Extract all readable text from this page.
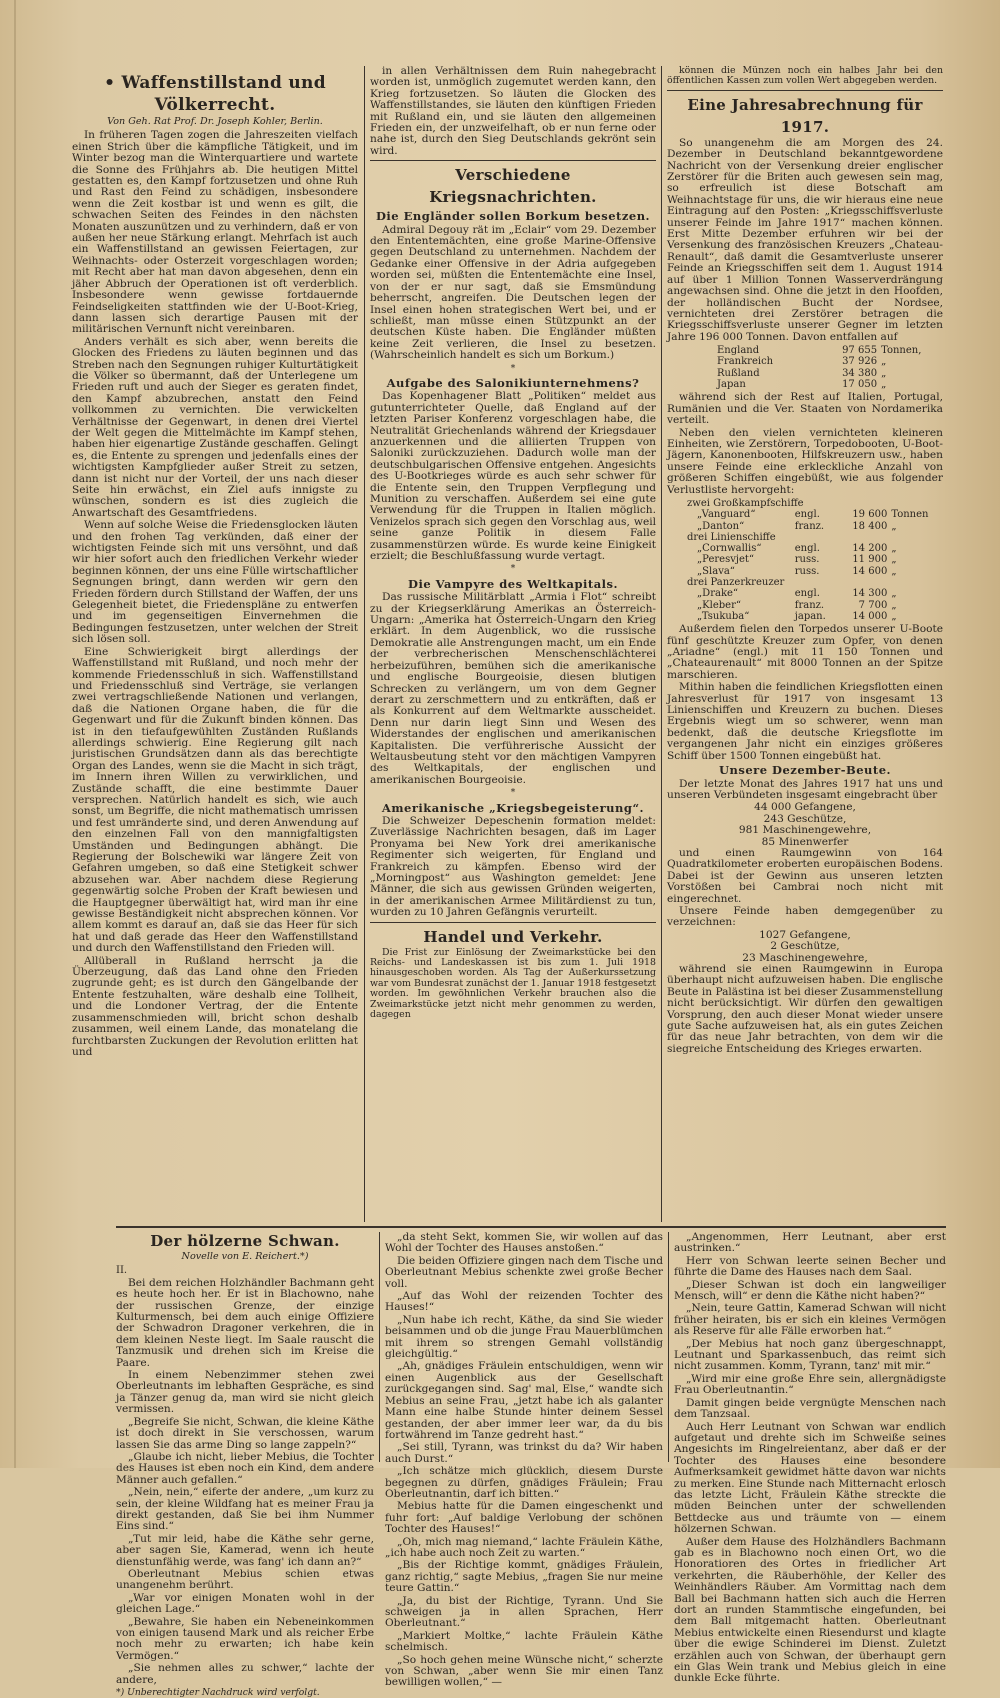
• Waffenstillstand und Völkerrecht.
Von Geh. Rat Prof. Dr. Joseph Kohler, Berlin.

In früheren Tagen zogen die Jahreszeiten vielfach einen Strich über die kämpfliche Tätigkeit, und im Winter bezog man die Winterquartiere und wartete die Sonne des Frühjahrs ab. Die heutigen Mittel gestatten es, den Kampf fortzusetzen und ohne Ruh und Rast den Feind zu schädigen, insbesondere wenn die Zeit kostbar ist und wenn es gilt, die schwachen Seiten des Feindes in den nächsten Monaten auszunützen und zu verhindern, daß er von außen her neue Stärkung erlangt. Mehrfach ist auch ein Waffenstillstand an gewissen Feiertagen, zur Weihnachts- oder Osterzeit vorgeschlagen worden; mit Recht aber hat man davon abgesehen, denn ein jäher Abbruch der Operationen ist oft verderblich. Insbesondere wenn gewisse fortdauernde Feindseligkeiten stattfinden wie der U-Boot-Krieg, dann lassen sich derartige Pausen mit der militärischen Vernunft nicht vereinbaren.

Anders verhält es sich aber, wenn bereits die Glocken des Friedens zu läuten beginnen und das Streben nach den Segnungen ruhiger Kulturtätigkeit die Völker so übermannt, daß der Unterlegene um Frieden ruft und auch der Sieger es geraten findet, den Kampf abzubrechen, anstatt den Feind vollkommen zu vernichten. Die verwickelten Verhältnisse der Gegenwart, in denen drei Viertel der Welt gegen die Mittelmächte im Kampf stehen, haben hier eigenartige Zustände geschaffen. Gelingt es, die Entente zu sprengen und jedenfalls eines der wichtigsten Kampfglieder außer Streit zu setzen, dann ist nicht nur der Vorteil, der uns nach dieser Seite hin erwächst, ein Ziel aufs innigste zu wünschen, sondern es ist dies zugleich die Anwartschaft des Gesamtfriedens.

Wenn auf solche Weise die Friedensglocken läuten und den frohen Tag verkünden, daß einer der wichtigsten Feinde sich mit uns versöhnt, und daß wir hier sofort auch den friedlichen Verkehr wieder beginnen können, der uns eine Fülle wirtschaftlicher Segnungen bringt, dann werden wir gern den Frieden fördern durch Stillstand der Waffen, der uns Gelegenheit bietet, die Friedenspläne zu entwerfen und im gegenseitigen Einvernehmen die Bedingungen festzusetzen, unter welchen der Streit sich lösen soll.

Eine Schwierigkeit birgt allerdings der Waffenstillstand mit Rußland, und noch mehr der kommende Friedensschluß in sich. Waffenstillstand und Friedensschluß sind Verträge, sie verlangen zwei vertragschließende Nationen und verlangen, daß die Nationen Organe haben, die für die Gegenwart und für die Zukunft binden können. Das ist in den tiefaufgewühlten Zuständen Rußlands allerdings schwierig. Eine Regierung gilt nach juristischen Grundsätzen dann als das berechtigte Organ des Landes, wenn sie die Macht in sich trägt, im Innern ihren Willen zu verwirklichen, und Zustände schafft, die eine bestimmte Dauer versprechen. Natürlich handelt es sich, wie auch sonst, um Begriffe, die nicht mathematisch umrissen und fest umränderte sind, und deren Anwendung auf den einzelnen Fall von den mannigfaltigsten Umständen und Bedingungen abhängt. Die Regierung der Bolschewiki war längere Zeit von Gefahren umgeben, so daß eine Stetigkeit schwer abzusehen war. Aber nachdem diese Regierung gegenwärtig solche Proben der Kraft bewiesen und die Hauptgegner überwältigt hat, wird man ihr eine gewisse Beständigkeit nicht absprechen können. Vor allem kommt es darauf an, daß sie das Heer für sich hat und daß gerade das Heer den Waffenstillstand und durch den Waffenstillstand den Frieden will.

Allüberall in Rußland herrscht ja die Überzeugung, daß das Land ohne den Frieden zugrunde geht; es ist durch den Gängelbande der Entente festzuhalten, wäre deshalb eine Tollheit, und die Londoner Vertrag, der die Entente zusammenschmieden will, bricht schon deshalb zusammen, weil einem Lande, das monatelang die furchtbarsten Zuckungen der Revolution erlitten hat und

in allen Verhältnissen dem Ruin nahegebracht worden ist, unmöglich zugemutet werden kann, den Krieg fortzusetzen. So läuten die Glocken des Waffenstillstandes, sie läuten den künftigen Frieden mit Rußland ein, und sie läuten den allgemeinen Frieden ein, der unzweifelhaft, ob er nun ferne oder nahe ist, durch den Sieg Deutschlands gekrönt sein wird.

Verschiedene Kriegsnachrichten.
Die Engländer sollen Borkum besetzen.

Admiral Degouy rät im „Eclair“ vom 29. Dezember den Ententemächten, eine große Marine-Offensive gegen Deutschland zu unternehmen. Nachdem der Gedanke einer Offensive in der Adria aufgegeben worden sei, müßten die Ententemächte eine Insel, von der er nur sagt, daß sie Emsmündung beherrscht, angreifen. Die Deutschen legen der Insel einen hohen strategischen Wert bei, und er schließt, man müsse einen Stützpunkt an der deutschen Küste haben. Die Engländer müßten keine Zeit verlieren, die Insel zu besetzen. (Wahrscheinlich handelt es sich um Borkum.)

*
Aufgabe des Salonikiunternehmens?

Das Kopenhagener Blatt „Politiken“ meldet aus gutunterrichteter Quelle, daß England auf der letzten Pariser Konferenz vorgeschlagen habe, die Neutralität Griechenlands während der Kriegsdauer anzuerkennen und die alliierten Truppen von Saloniki zurückzuziehen. Dadurch wolle man der deutschbulgarischen Offensive entgehen. Angesichts des U-Bootkrieges würde es auch sehr schwer für die Entente sein, den Truppen Verpflegung und Munition zu verschaffen. Außerdem sei eine gute Verwendung für die Truppen in Italien möglich. Venizelos sprach sich gegen den Vorschlag aus, weil seine ganze Politik in diesem Falle zusammenstürzen würde. Es wurde keine Einigkeit erzielt; die Beschlußfassung wurde vertagt.

*
Die Vampyre des Weltkapitals.

Das russische Militärblatt „Armia i Flot“ schreibt zu der Kriegserklärung Amerikas an Österreich-Ungarn: „Amerika hat Österreich-Ungarn den Krieg erklärt. In dem Augenblick, wo die russische Demokratie alle Anstrengungen macht, um ein Ende der verbrecherischen Menschenschlächterei herbeizuführen, bemühen sich die amerikanische und englische Bourgeoisie, diesen blutigen Schrecken zu verlängern, um von dem Gegner derart zu zerschmettern und zu entkräften, daß er als Konkurrent auf dem Weltmarkte ausscheidet. Denn nur darin liegt Sinn und Wesen des Widerstandes der englischen und amerikanischen Kapitalisten. Die verführerische Aussicht der Weltausbeutung steht vor den mächtigen Vampyren des Weltkapitals, der englischen und amerikanischen Bourgeoisie.

*
Amerikanische „Kriegsbegeisterung“.

Die Schweizer Depeschenin formation meldet: Zuverlässige Nachrichten besagen, daß im Lager Pronyama bei New York drei amerikanische Regimenter sich weigerten, für England und Frankreich zu kämpfen. Ebenso wird der „Morningpost“ aus Washington gemeldet: Jene Männer, die sich aus gewissen Gründen weigerten, in der amerikanischen Armee Militärdienst zu tun, wurden zu 10 Jahren Gefängnis verurteilt.

Handel und Verkehr.

Die Frist zur Einlösung der Zweimarkstücke bei den Reichs- und Landeskassen ist bis zum 1. Juli 1918 hinausgeschoben worden. Als Tag der Außerkurssetzung war vom Bundesrat zunächst der 1. Januar 1918 festgesetzt worden. Im gewöhnlichen Verkehr brauchen also die Zweimarkstücke jetzt nicht mehr genommen zu werden, dagegen

können die Münzen noch ein halbes Jahr bei den öffentlichen Kassen zum vollen Wert abgegeben werden.

Eine Jahresabrechnung für 1917.

So unangenehm die am Morgen des 24. Dezember in Deutschland bekanntgewordene Nachricht von der Versenkung dreier englischer Zerstörer für die Briten auch gewesen sein mag, so erfreulich ist diese Botschaft am Weihnachtstage für uns, die wir hieraus eine neue Eintragung auf den Posten: „Kriegsschiffsverluste unserer Feinde im Jahre 1917“ machen können. Erst Mitte Dezember erfuhren wir bei der Versenkung des französischen Kreuzers „Chateau-Renault“, daß damit die Gesamtverluste unserer Feinde an Kriegsschiffen seit dem 1. August 1914 auf über 1 Million Tonnen Wasserverdrängung angewachsen sind. Ohne die jetzt in den Hoofden, der holländischen Bucht der Nordsee, vernichteten drei Zerstörer betragen die Kriegsschiffsverluste unserer Gegner im letzten Jahre 196 000 Tonnen. Davon entfallen auf

England	97 655	Tonnen,
Frankreich	37 926	„
Rußland	34 380	„
Japan	17 050	„

während sich der Rest auf Italien, Portugal, Rumänien und die Ver. Staaten von Nordamerika verteilt.

Neben den vielen vernichteten kleineren Einheiten, wie Zerstörern, Torpedobooten, U-Boot-Jägern, Kanonenbooten, Hilfskreuzern usw., haben unsere Feinde eine erkleckliche Anzahl von größeren Schiffen eingebüßt, wie aus folgender Verlustliste hervorgeht:

zwei Großkampfschiffe			
„Vanguard“	engl.	19 600	Tonnen
„Danton“	franz.	18 400	„
drei Linienschiffe			
„Cornwallis“	engl.	14 200	„
„Peresvjet“	russ.	11 900	„
„Slava“	russ.	14 600	„
drei Panzerkreuzer			
„Drake“	engl.	14 300	„
„Kleber“	franz.	7 700	„
„Tsukuba“	japan.	14 000	„

Außerdem fielen den Torpedos unserer U-Boote fünf geschützte Kreuzer zum Opfer, von denen „Ariadne“ (engl.) mit 11 150 Tonnen und „Chateaurenault“ mit 8000 Tonnen an der Spitze marschieren.

Mithin haben die feindlichen Kriegsflotten einen Jahresverlust für 1917 von insgesamt 13 Linienschiffen und Kreuzern zu buchen. Dieses Ergebnis wiegt um so schwerer, wenn man bedenkt, daß die deutsche Kriegsflotte im vergangenen Jahr nicht ein einziges größeres Schiff über 1500 Tonnen eingebüßt hat.

Unsere Dezember-Beute.

Der letzte Monat des Jahres 1917 hat uns und unseren Verbündeten insgesamt eingebracht über

44 000 Gefangene,
243 Geschütze,
981 Maschinengewehre,
85 Minenwerfer

und einen Raumgewinn von 164 Quadratkilometer eroberten europäischen Bodens. Dabei ist der Gewinn aus unseren letzten Vorstößen bei Cambrai noch nicht mit eingerechnet.

Unsere Feinde haben demgegenüber zu verzeichnen:

1027 Gefangene,
2 Geschütze,
23 Maschinengewehre,

während sie einen Raumgewinn in Europa überhaupt nicht aufzuweisen haben. Die englische Beute in Palästina ist bei dieser Zusammenstellung nicht berücksichtigt. Wir dürfen den gewaltigen Vorsprung, den auch dieser Monat wieder unsere gute Sache aufzuweisen hat, als ein gutes Zeichen für das neue Jahr betrachten, von dem wir die siegreiche Entscheidung des Krieges erwarten.

Der hölzerne Schwan.
Novelle von E. Reichert.*)
II.

Bei dem reichen Holzhändler Bachmann geht es heute hoch her. Er ist in Blachowno, nahe der russischen Grenze, der einzige Kulturmensch, bei dem auch einige Offiziere der Schwadron Dragoner verkehren, die in dem kleinen Neste liegt. Im Saale rauscht die Tanzmusik und drehen sich im Kreise die Paare.

In einem Nebenzimmer stehen zwei Oberleutnants im lebhaften Gespräche, es sind ja Tänzer genug da, man wird sie nicht gleich vermissen.

„Begreife Sie nicht, Schwan, die kleine Käthe ist doch direkt in Sie verschossen, warum lassen Sie das arme Ding so lange zappeln?“

„Glaube ich nicht, lieber Mebius, die Tochter des Hauses ist eben noch ein Kind, dem andere Männer auch gefallen.“

„Nein, nein,“ eiferte der andere, „um kurz zu sein, der kleine Wildfang hat es meiner Frau ja direkt gestanden, daß Sie bei ihm Nummer Eins sind.“

„Tut mir leid, habe die Käthe sehr gerne, aber sagen Sie, Kamerad, wenn ich heute dienstunfähig werde, was fang' ich dann an?“

Oberleutnant Mebius schien etwas unangenehm berührt.

„War vor einigen Monaten wohl in der gleichen Lage.“

„Bewahre, Sie haben ein Nebeneinkommen von einigen tausend Mark und als reicher Erbe noch mehr zu erwarten; ich habe kein Vermögen.“

„Sie nehmen alles zu schwer,“ lachte der andere,

*) Unberechtigter Nachdruck wird verfolgt.

„da steht Sekt, kommen Sie, wir wollen auf das Wohl der Tochter des Hauses anstoßen.“

Die beiden Offiziere gingen nach dem Tische und Oberleutnant Mebius schenkte zwei große Becher voll.

„Auf das Wohl der reizenden Tochter des Hauses!“

„Nun habe ich recht, Käthe, da sind Sie wieder beisammen und ob die junge Frau Mauerblümchen mit ihrem so strengen Gemahl vollständig gleichgültig.“

„Ah, gnädiges Fräulein entschuldigen, wenn wir einen Augenblick aus der Gesellschaft zurückgegangen sind. Sag' mal, Else,“ wandte sich Mebius an seine Frau, „jetzt habe ich als galanter Mann eine halbe Stunde hinter deinem Sessel gestanden, der aber immer leer war, da du bis fortwährend im Tanze gedreht hast.“

„Sei still, Tyrann, was trinkst du da? Wir haben auch Durst.“

„Ich schätze mich glücklich, diesem Durste begegnen zu dürfen, gnädiges Fräulein; Frau Oberleutnantin, darf ich bitten.“

Mebius hatte für die Damen eingeschenkt und fuhr fort: „Auf baldige Verlobung der schönen Tochter des Hauses!“

„Oh, mich mag niemand,“ lachte Fräulein Käthe, „ich habe auch noch Zeit zu warten.“

„Bis der Richtige kommt, gnädiges Fräulein, ganz richtig,“ sagte Mebius, „fragen Sie nur meine teure Gattin.“

„Ja, du bist der Richtige, Tyrann. Und Sie schweigen ja in allen Sprachen, Herr Oberleutnant.“

„Markiert Moltke,“ lachte Fräulein Käthe schelmisch.

„So hoch gehen meine Wünsche nicht,“ scherzte von Schwan, „aber wenn Sie mir einen Tanz bewilligen wollen,“ —

„Angenommen, Herr Leutnant, aber erst austrinken.“

Herr von Schwan leerte seinen Becher und führte die Dame des Hauses nach dem Saal.

„Dieser Schwan ist doch ein langweiliger Mensch, will“ er denn die Käthe nicht haben?“

„Nein, teure Gattin, Kamerad Schwan will nicht früher heiraten, bis er sich ein kleines Vermögen als Reserve für alle Fälle erworben hat.“

„Der Mebius hat noch ganz übergeschnappt, Leutnant und Sparkassenbuch, das reimt sich nicht zusammen. Komm, Tyrann, tanz' mit mir.“

„Wird mir eine große Ehre sein, allergnädigste Frau Oberleutnantin.“

Damit gingen beide vergnügte Menschen nach dem Tanzsaal.

Auch Herr Leutnant von Schwan war endlich aufgetaut und drehte sich im Schweiße seines Angesichts im Ringelreientanz, aber daß er der Tochter des Hauses eine besondere Aufmerksamkeit gewidmet hätte davon war nichts zu merken. Eine Stunde nach Mitternacht erlosch das letzte Licht, Fräulein Käthe streckte die müden Beinchen unter der schwellenden Bettdecke aus und träumte von — einem hölzernen Schwan.

Außer dem Hause des Holzhändlers Bachmann gab es in Blachowno noch einen Ort, wo die Honoratioren des Ortes in friedlicher Art verkehrten, die Räuberhöhle, der Keller des Weinhändlers Räuber. Am Vormittag nach dem Ball bei Bachmann hatten sich auch die Herren dort an runden Stammtische eingefunden, bei dem Ball mitgemacht hatten. Oberleutnant Mebius entwickelte einen Riesendurst und klagte über die ewige Schinderei im Dienst. Zuletzt erzählen auch von Schwan, der überhaupt gern ein Glas Wein trank und Mebius gleich in eine dunkle Ecke führte.
